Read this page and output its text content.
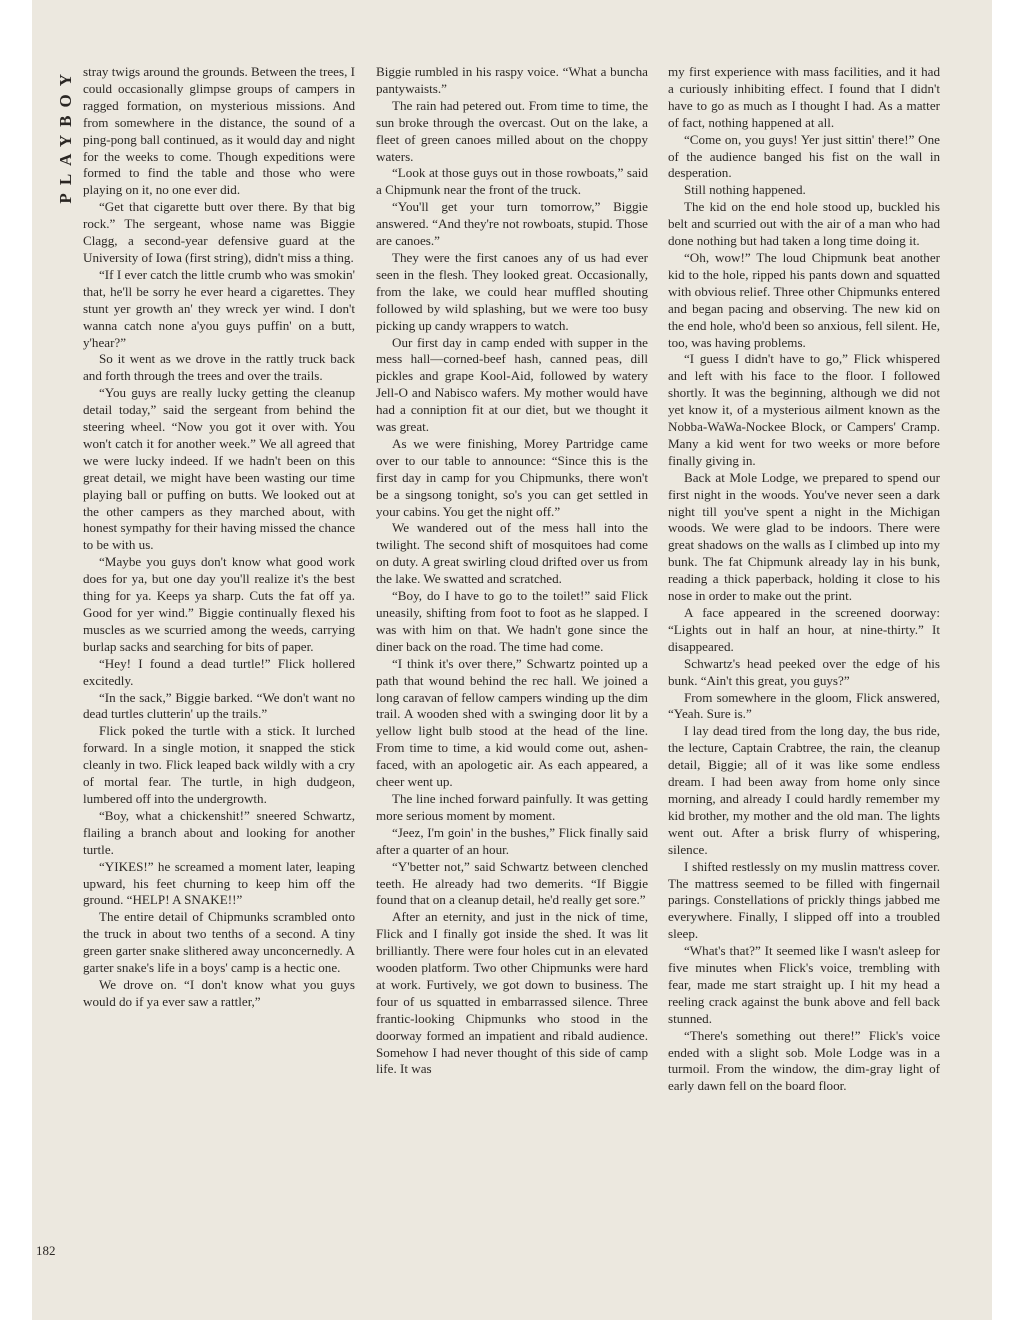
PLAYBOY stray twigs around the grounds. Between the trees, I could occasionally glimpse groups of campers in ragged formation, on mysterious missions. And from somewhere in the distance, the sound of a ping-pong ball continued, as it would day and night for the weeks to come. Though expeditions were formed to find the table and those who were playing on it, no one ever did.

“Get that cigarette butt over there. By that big rock.” The sergeant, whose name was Biggie Clagg, a second-year defensive guard at the University of Iowa (first string), didn't miss a thing.

“If I ever catch the little crumb who was smokin' that, he'll be sorry he ever heard a cigarettes. They stunt yer growth an' they wreck yer wind. I don't wanna catch none a'you guys puffin' on a butt, y'hear?”

So it went as we drove in the rattly truck back and forth through the trees and over the trails.

“You guys are really lucky getting the cleanup detail today,” said the sergeant from behind the steering wheel. “Now you got it over with. You won't catch it for another week.” We all agreed that we were lucky indeed. If we hadn't been on this great detail, we might have been wasting our time playing ball or puffing on butts. We looked out at the other campers as they marched about, with honest sympathy for their having missed the chance to be with us.

“Maybe you guys don't know what good work does for ya, but one day you'll realize it's the best thing for ya. Keeps ya sharp. Cuts the fat off ya. Good for yer wind.” Biggie continually flexed his muscles as we scurried among the weeds, carrying burlap sacks and searching for bits of paper.

“Hey! I found a dead turtle!” Flick hollered excitedly.

“In the sack,” Biggie barked. “We don't want no dead turtles clutterin' up the trails.”

Flick poked the turtle with a stick. It lurched forward. In a single motion, it snapped the stick cleanly in two. Flick leaped back wildly with a cry of mortal fear. The turtle, in high dudgeon, lumbered off into the undergrowth.

“Boy, what a chickenshit!” sneered Schwartz, flailing a branch about and looking for another turtle.

“YIKES!” he screamed a moment later, leaping upward, his feet churning to keep him off the ground. “HELP! A SNAKE!!”

The entire detail of Chipmunks scrambled onto the truck in about two tenths of a second. A tiny green garter snake slithered away unconcernedly. A garter snake's life in a boys' camp is a hectic one.

We drove on. “I don't know what you guys would do if ya ever saw a rattler,”

Biggie rumbled in his raspy voice. “What a buncha pantywaists.”

The rain had petered out. From time to time, the sun broke through the overcast. Out on the lake, a fleet of green canoes milled about on the choppy waters.

“Look at those guys out in those rowboats,” said a Chipmunk near the front of the truck.

“You'll get your turn tomorrow,” Biggie answered. “And they're not rowboats, stupid. Those are canoes.”

They were the first canoes any of us had ever seen in the flesh. They looked great. Occasionally, from the lake, we could hear muffled shouting followed by wild splashing, but we were too busy picking up candy wrappers to watch.

Our first day in camp ended with supper in the mess hall—corned-beef hash, canned peas, dill pickles and grape Kool-Aid, followed by watery Jell-O and Nabisco wafers. My mother would have had a conniption fit at our diet, but we thought it was great.

As we were finishing, Morey Partridge came over to our table to announce: “Since this is the first day in camp for you Chipmunks, there won't be a singsong tonight, so's you can get settled in your cabins. You get the night off.”

We wandered out of the mess hall into the twilight. The second shift of mosquitoes had come on duty. A great swirling cloud drifted over us from the lake. We swatted and scratched.

“Boy, do I have to go to the toilet!” said Flick uneasily, shifting from foot to foot as he slapped. I was with him on that. We hadn't gone since the diner back on the road. The time had come.

“I think it's over there,” Schwartz pointed up a path that wound behind the rec hall. We joined a long caravan of fellow campers winding up the dim trail. A wooden shed with a swinging door lit by a yellow light bulb stood at the head of the line. From time to time, a kid would come out, ashen-faced, with an apologetic air. As each appeared, a cheer went up.

The line inched forward painfully. It was getting more serious moment by moment.

“Jeez, I'm goin' in the bushes,” Flick finally said after a quarter of an hour.

“Y'better not,” said Schwartz between clenched teeth. He already had two demerits. “If Biggie found that on a cleanup detail, he'd really get sore.”

After an eternity, and just in the nick of time, Flick and I finally got inside the shed. It was lit brilliantly. There were four holes cut in an elevated wooden platform. Two other Chipmunks were hard at work. Furtively, we got down to business. The four of us squatted in embarrassed silence. Three frantic-looking Chipmunks who stood in the doorway formed an impatient and ribald audience. Somehow I had never thought of this side of camp life. It was

my first experience with mass facilities, and it had a curiously inhibiting effect. I found that I didn't have to go as much as I thought I had. As a matter of fact, nothing happened at all.

“Come on, you guys! Yer just sittin' there!” One of the audience banged his fist on the wall in desperation.

Still nothing happened.

The kid on the end hole stood up, buckled his belt and scurried out with the air of a man who had done nothing but had taken a long time doing it.

“Oh, wow!” The loud Chipmunk beat another kid to the hole, ripped his pants down and squatted with obvious relief. Three other Chipmunks entered and began pacing and observing. The new kid on the end hole, who'd been so anxious, fell silent. He, too, was having problems.

“I guess I didn't have to go,” Flick whispered and left with his face to the floor. I followed shortly. It was the beginning, although we did not yet know it, of a mysterious ailment known as the Nobba-WaWa-Nockee Block, or Campers' Cramp. Many a kid went for two weeks or more before finally giving in.

Back at Mole Lodge, we prepared to spend our first night in the woods. You've never seen a dark night till you've spent a night in the Michigan woods. We were glad to be indoors. There were great shadows on the walls as I climbed up into my bunk. The fat Chipmunk already lay in his bunk, reading a thick paperback, holding it close to his nose in order to make out the print.

A face appeared in the screened doorway: “Lights out in half an hour, at nine-thirty.” It disappeared.

Schwartz's head peeked over the edge of his bunk. “Ain't this great, you guys?”

From somewhere in the gloom, Flick answered, “Yeah. Sure is.”

I lay dead tired from the long day, the bus ride, the lecture, Captain Crabtree, the rain, the cleanup detail, Biggie; all of it was like some endless dream. I had been away from home only since morning, and already I could hardly remember my kid brother, my mother and the old man. The lights went out. After a brisk flurry of whispering, silence.

I shifted restlessly on my muslin mattress cover. The mattress seemed to be filled with fingernail parings. Constellations of prickly things jabbed me everywhere. Finally, I slipped off into a troubled sleep.

“What's that?” It seemed like I wasn't asleep for five minutes when Flick's voice, trembling with fear, made me start straight up. I hit my head a reeling crack against the bunk above and fell back stunned.

“There's something out there!” Flick's voice ended with a slight sob. Mole Lodge was in a turmoil. From the window, the dim-gray light of early dawn fell on the board floor.

182
